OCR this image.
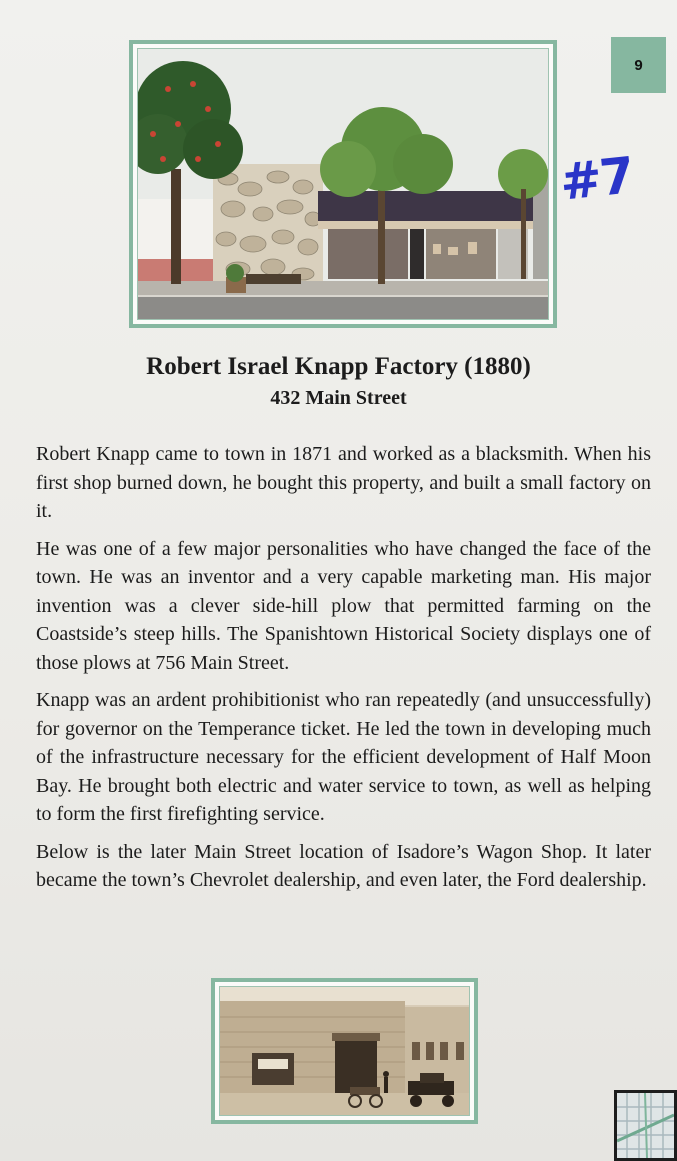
9
#7
Robert Israel Knapp Factory (1880)
432 Main Street

Robert Knapp came to town in 1871 and worked as a blacksmith. When his first shop burned down, he bought this property, and built a small factory on it.

He was one of a few major personalities who have changed the face of the town. He was an inventor and a very capable marketing man. His major invention was a clever side-hill plow that permitted farming on the Coastside’s steep hills. The Spanishtown Historical Society displays one of those plows at 756 Main Street.

Knapp was an ardent prohibitionist who ran repeatedly (and unsuccessfully) for governor on the Temperance ticket. He led the town in developing much of the infrastructure necessary for the efficient development of Half Moon Bay. He brought both electric and water service to town, as well as helping to form the first firefighting service.

Below is the later Main Street location of Isadore’s Wagon Shop. It later became the town’s Chevrolet dealership, and even later, the Ford dealership.
